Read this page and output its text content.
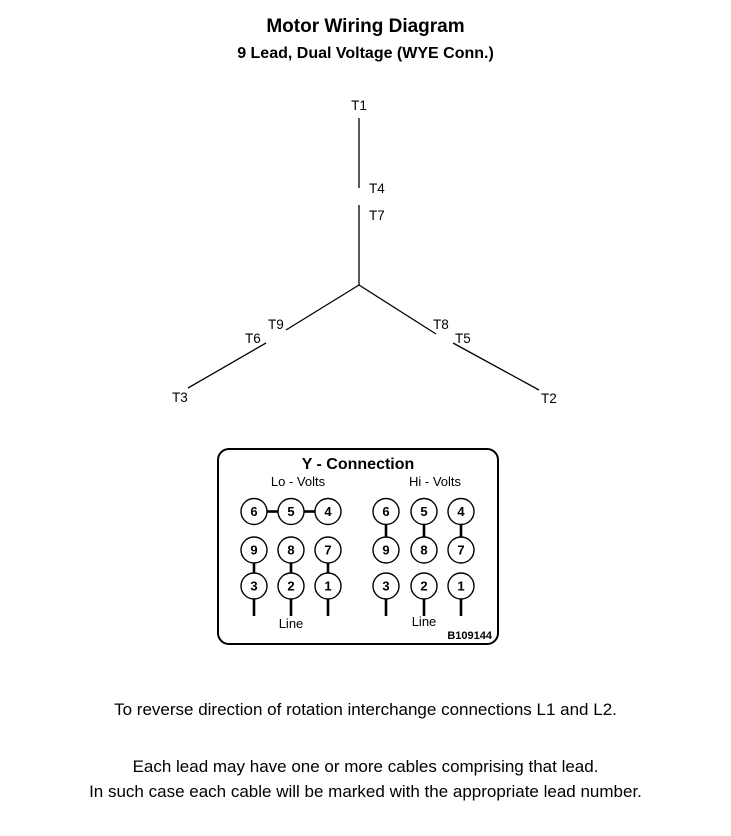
Motor Wiring Diagram
9 Lead, Dual Voltage (WYE Conn.)
T1
T4
T7
T9
T6
T3
T8
T5
T2
Y - Connection
Lo - Volts	Hi - Volts
6 5 4
9 8 7
3 2 1
6 5 4
9 8 7
3 2 1
Line	Line
B109144
To reverse direction of rotation interchange connections L1 and L2.
Each lead may have one or more cables comprising that lead.
In such case each cable will be marked with the appropriate lead number.
